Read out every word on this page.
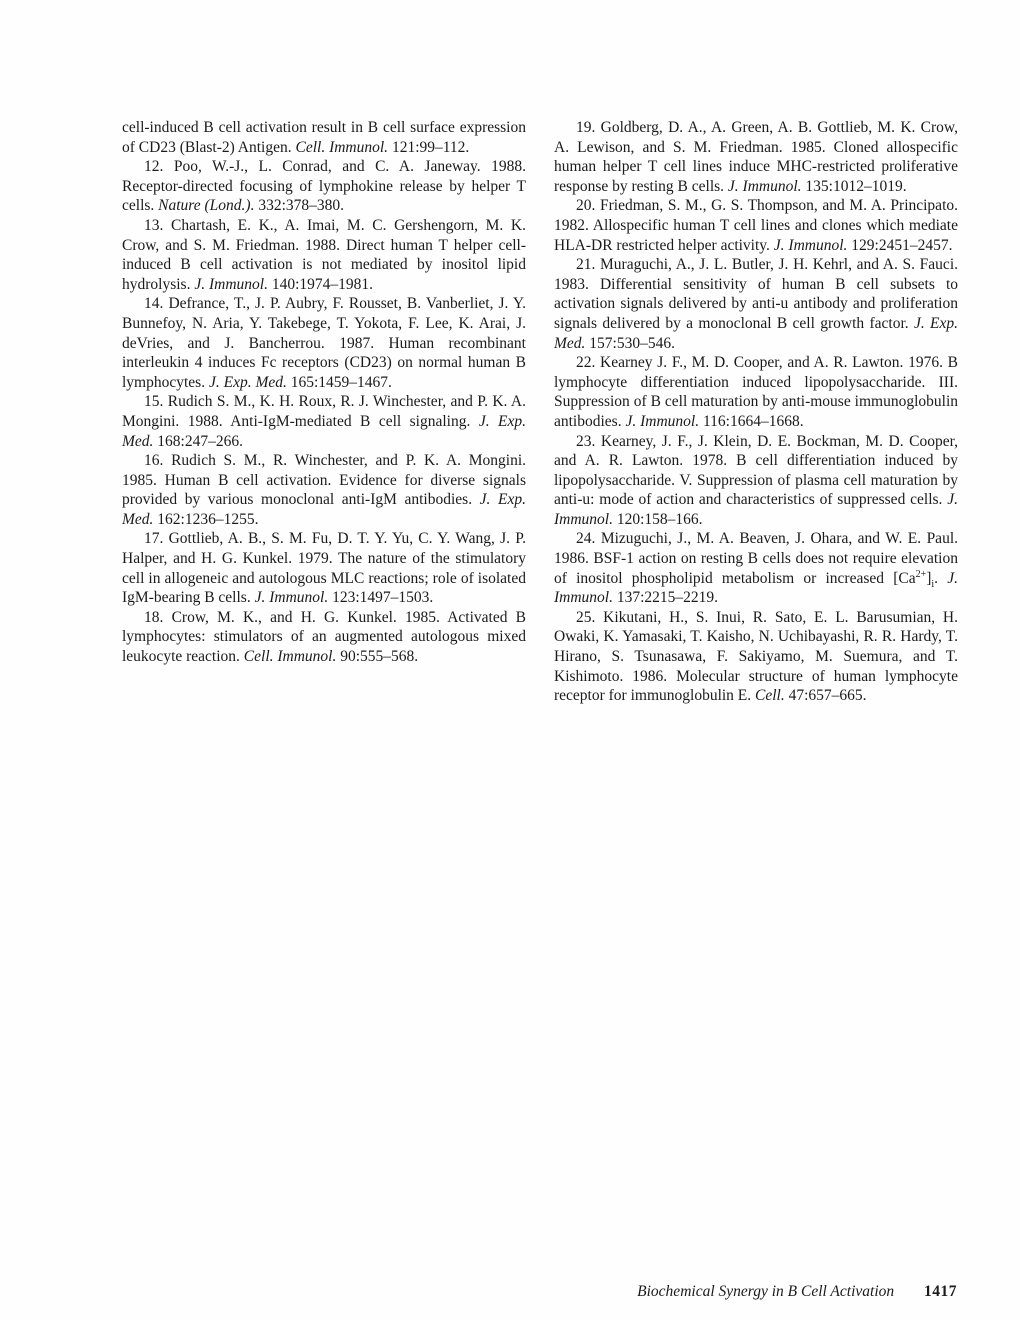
cell-induced B cell activation result in B cell surface expression of CD23 (Blast-2) Antigen. Cell. Immunol. 121:99–112.

12. Poo, W.-J., L. Conrad, and C. A. Janeway. 1988. Receptor-directed focusing of lymphokine release by helper T cells. Nature (Lond.). 332:378–380.

13. Chartash, E. K., A. Imai, M. C. Gershengorn, M. K. Crow, and S. M. Friedman. 1988. Direct human T helper cell-induced B cell activation is not mediated by inositol lipid hydrolysis. J. Immunol. 140:1974–1981.

14. Defrance, T., J. P. Aubry, F. Rousset, B. Vanberliet, J. Y. Bunnefoy, N. Aria, Y. Takebege, T. Yokota, F. Lee, K. Arai, J. deVries, and J. Bancherrou. 1987. Human recombinant interleukin 4 induces Fc receptors (CD23) on normal human B lymphocytes. J. Exp. Med. 165:1459–1467.

15. Rudich S. M., K. H. Roux, R. J. Winchester, and P. K. A. Mongini. 1988. Anti-IgM-mediated B cell signaling. J. Exp. Med. 168:247–266.

16. Rudich S. M., R. Winchester, and P. K. A. Mongini. 1985. Human B cell activation. Evidence for diverse signals provided by various monoclonal anti-IgM antibodies. J. Exp. Med. 162:1236–1255.

17. Gottlieb, A. B., S. M. Fu, D. T. Y. Yu, C. Y. Wang, J. P. Halper, and H. G. Kunkel. 1979. The nature of the stimulatory cell in allogeneic and autologous MLC reactions; role of isolated IgM-bearing B cells. J. Immunol. 123:1497–1503.

18. Crow, M. K., and H. G. Kunkel. 1985. Activated B lymphocytes: stimulators of an augmented autologous mixed leukocyte reaction. Cell. Immunol. 90:555–568.

19. Goldberg, D. A., A. Green, A. B. Gottlieb, M. K. Crow, A. Lewison, and S. M. Friedman. 1985. Cloned allospecific human helper T cell lines induce MHC-restricted proliferative response by resting B cells. J. Immunol. 135:1012–1019.

20. Friedman, S. M., G. S. Thompson, and M. A. Principato. 1982. Allospecific human T cell lines and clones which mediate HLA-DR restricted helper activity. J. Immunol. 129:2451–2457.

21. Muraguchi, A., J. L. Butler, J. H. Kehrl, and A. S. Fauci. 1983. Differential sensitivity of human B cell subsets to activation signals delivered by anti-u antibody and proliferation signals delivered by a monoclonal B cell growth factor. J. Exp. Med. 157:530–546.

22. Kearney J. F., M. D. Cooper, and A. R. Lawton. 1976. B lymphocyte differentiation induced lipopolysaccharide. III. Suppression of B cell maturation by anti-mouse immunoglobulin antibodies. J. Immunol. 116:1664–1668.

23. Kearney, J. F., J. Klein, D. E. Bockman, M. D. Cooper, and A. R. Lawton. 1978. B cell differentiation induced by lipopolysaccharide. V. Suppression of plasma cell maturation by anti-u: mode of action and characteristics of suppressed cells. J. Immunol. 120:158–166.

24. Mizuguchi, J., M. A. Beaven, J. Ohara, and W. E. Paul. 1986. BSF-1 action on resting B cells does not require elevation of inositol phospholipid metabolism or increased $[Ca^{2+}]_i$. J. Immunol. 137:2215–2219.

25. Kikutani, H., S. Inui, R. Sato, E. L. Barusumian, H. Owaki, K. Yamasaki, T. Kaisho, N. Uchibayashi, R. R. Hardy, T. Hirano, S. Tsunasawa, F. Sakiyamo, M. Suemura, and T. Kishimoto. 1986. Molecular structure of human lymphocyte receptor for immunoglobulin E. Cell. 47:657–665.

Biochemical Synergy in B Cell Activation 1417
